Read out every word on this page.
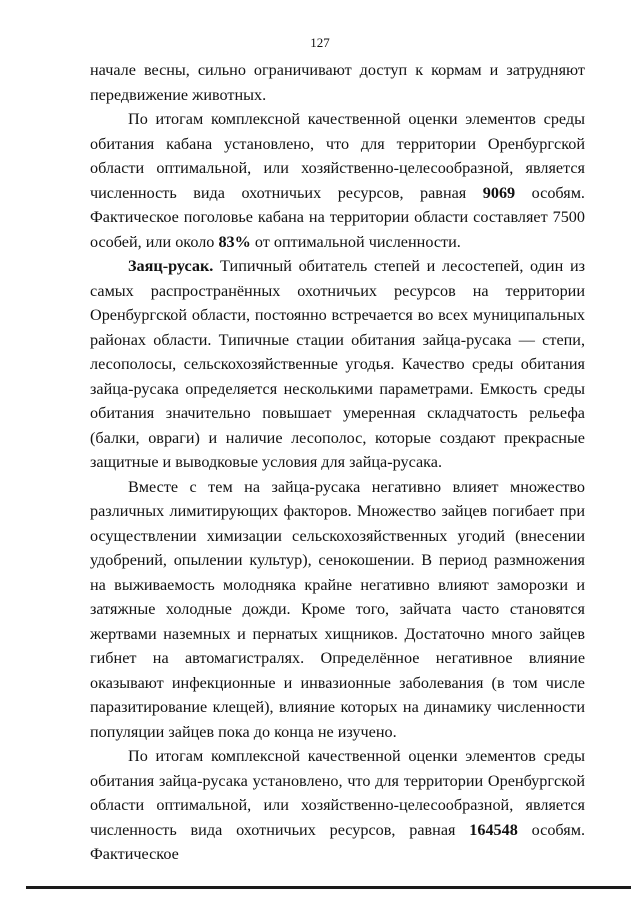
127

начале весны, сильно ограничивают доступ к кормам и затрудняют передвижение животных.

По итогам комплексной качественной оценки элементов среды обитания кабана установлено, что для территории Оренбургской области оптимальной, или хозяйственно-целесообразной, является численность вида охотничьих ресурсов, равная 9069 особям. Фактическое поголовье кабана на территории области составляет 7500 особей, или около 83% от оптимальной численности.

Заяц-русак. Типичный обитатель степей и лесостепей, один из самых распространённых охотничьих ресурсов на территории Оренбургской области, постоянно встречается во всех муниципальных районах области. Типичные стации обитания зайца-русака — степи, лесополосы, сельскохозяйственные угодья. Качество среды обитания зайца-русака определяется несколькими параметрами. Емкость среды обитания значительно повышает умеренная складчатость рельефа (балки, овраги) и наличие лесополос, которые создают прекрасные защитные и выводковые условия для зайца-русака.

Вместе с тем на зайца-русака негативно влияет множество различных лимитирующих факторов. Множество зайцев погибает при осуществлении химизации сельскохозяйственных угодий (внесении удобрений, опылении культур), сенокошении. В период размножения на выживаемость молодняка крайне негативно влияют заморозки и затяжные холодные дожди. Кроме того, зайчата часто становятся жертвами наземных и пернатых хищников. Достаточно много зайцев гибнет на автомагистралях. Определённое негативное влияние оказывают инфекционные и инвазионные заболевания (в том числе паразитирование клещей), влияние которых на динамику численности популяции зайцев пока до конца не изучено.

По итогам комплексной качественной оценки элементов среды обитания зайца-русака установлено, что для территории Оренбургской области оптимальной, или хозяйственно-целесообразной, является численность вида охотничьих ресурсов, равная 164548 особям. Фактическое
